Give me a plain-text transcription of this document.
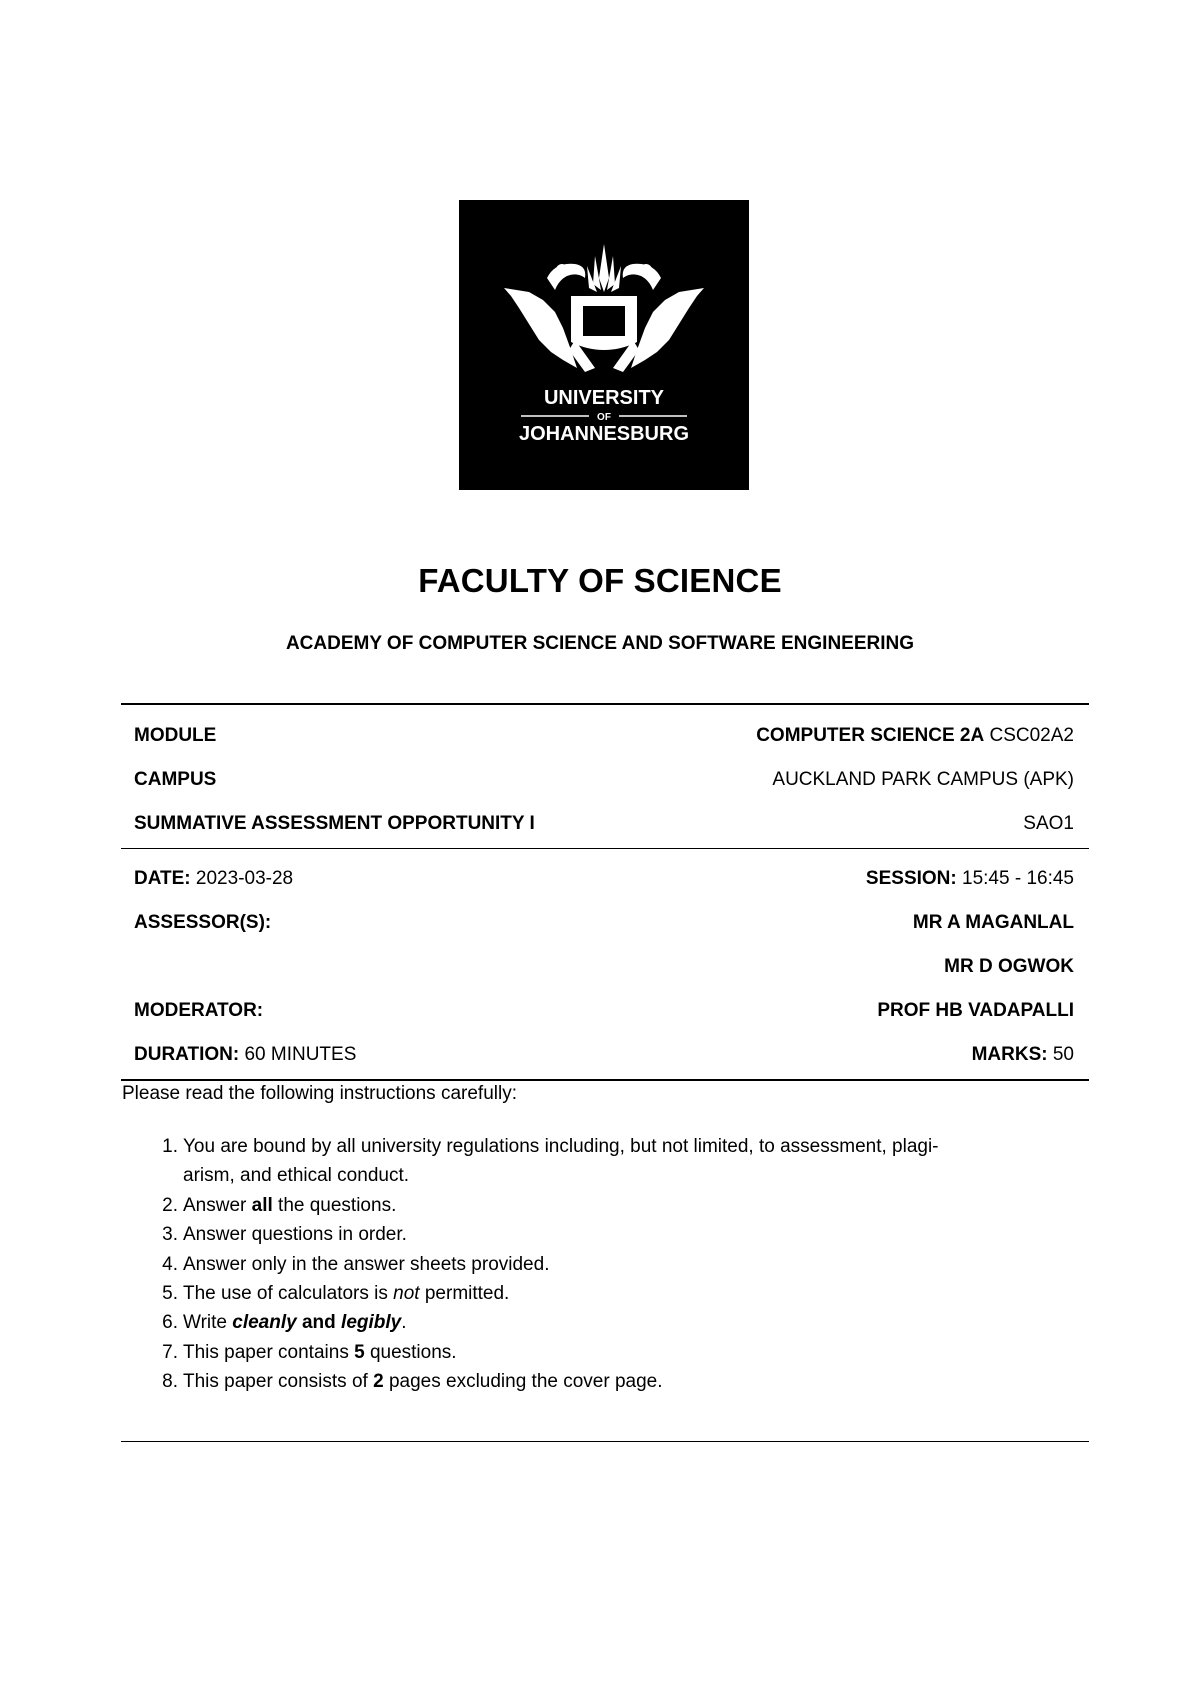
UNIVERSITY
OF
JOHANNESBURG
FACULTY OF SCIENCE
ACADEMY OF COMPUTER SCIENCE AND SOFTWARE ENGINEERING
MODULE	COMPUTER SCIENCE 2A CSC02A2
CAMPUS	AUCKLAND PARK CAMPUS (APK)
SUMMATIVE ASSESSMENT OPPORTUNITY I	SAO1
DATE: 2023-03-28	SESSION: 15:45 - 16:45
ASSESSOR(S):	MR A MAGANLAL
MR D OGWOK
MODERATOR:	PROF HB VADAPALLI
DURATION: 60 MINUTES	MARKS: 50
Please read the following instructions carefully:
1. You are bound by all university regulations including, but not limited, to assessment, plagi-
arism, and ethical conduct.
2. Answer all the questions.
3. Answer questions in order.
4. Answer only in the answer sheets provided.
5. The use of calculators is not permitted.
6. Write cleanly and legibly.
7. This paper contains 5 questions.
8. This paper consists of 2 pages excluding the cover page.
